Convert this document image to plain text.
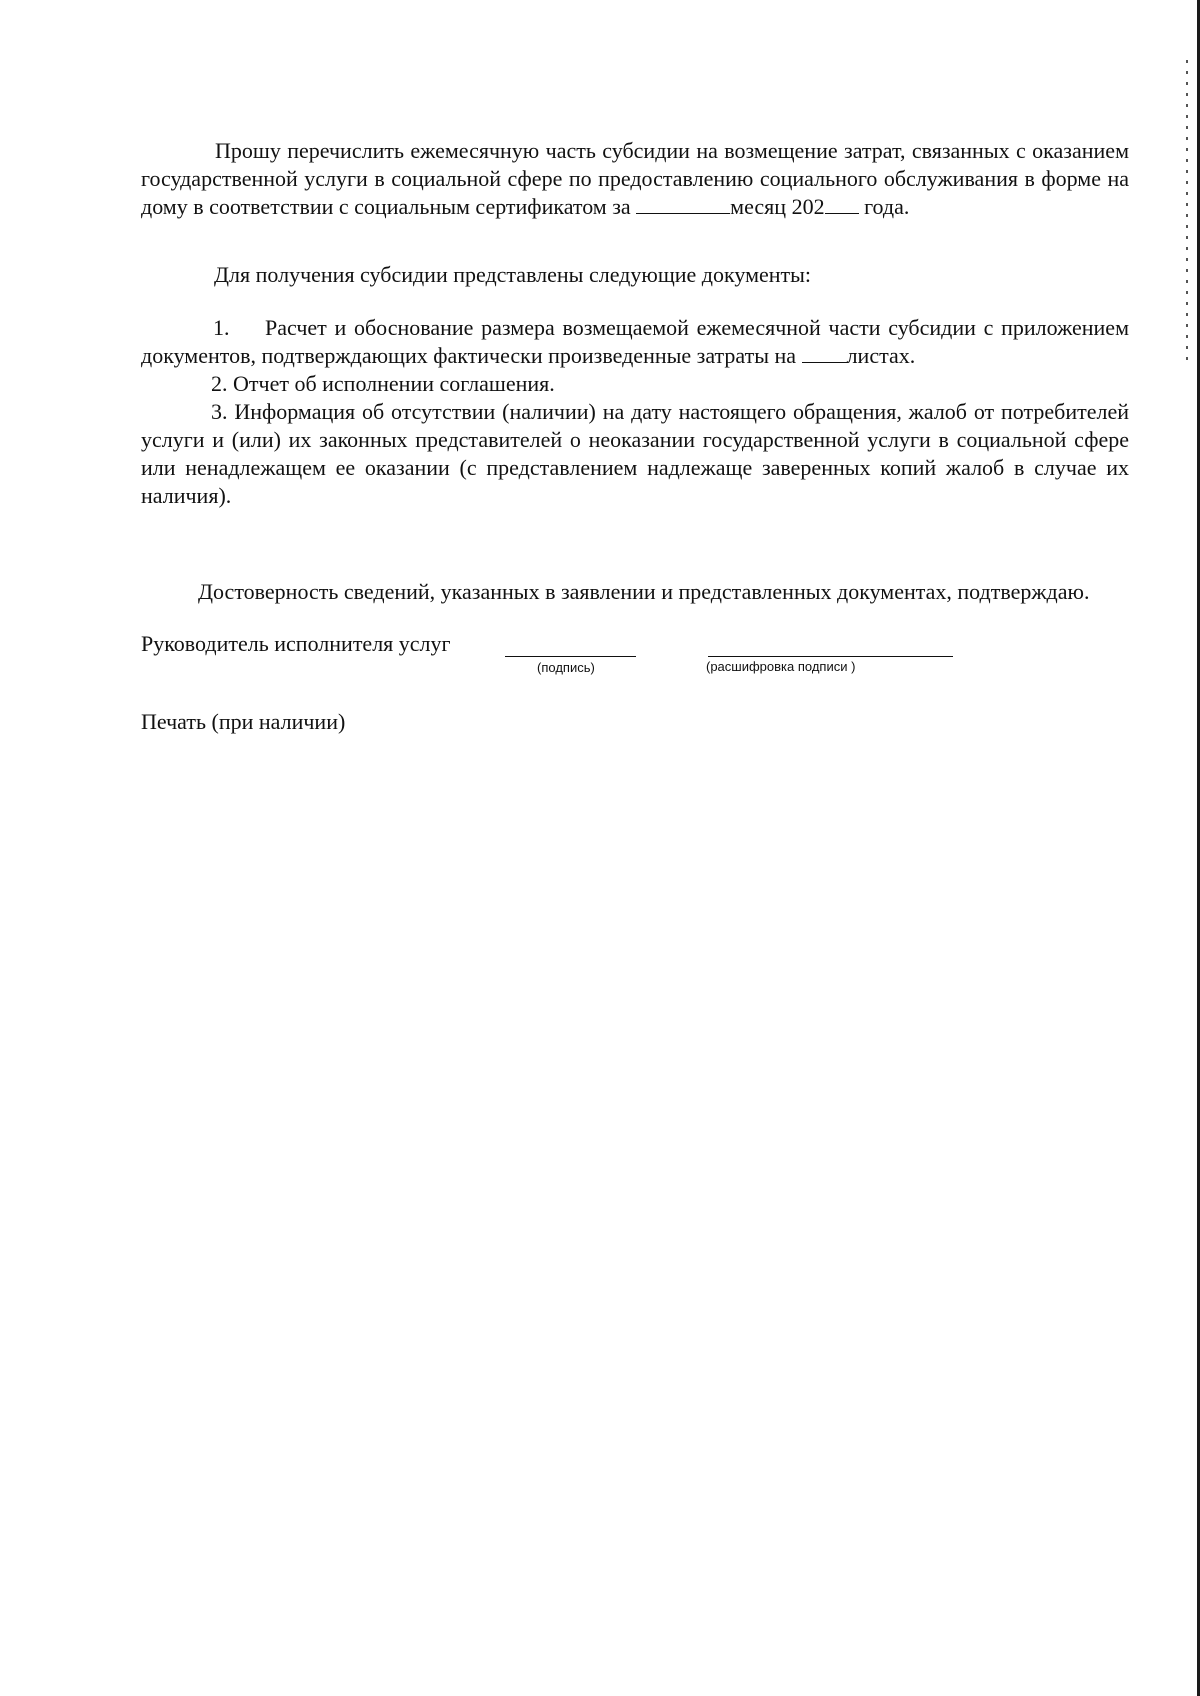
Прошу перечислить ежемесячную часть субсидии на возмещение затрат, связанных с оказанием государственной услуги в социальной сфере по предоставлению социального обслуживания в форме на дому в соответствии с социальным сертификатом за	месяц 202 года.

Для получения субсидии представлены следующие документы:

1. Расчет и обоснование размера возмещаемой ежемесячной части субсидии с приложением документов, подтверждающих фактически произведенные затраты на листах.

2. Отчет об исполнении соглашения.

3. Информация об отсутствии (наличии) на дату настоящего обращения, жалоб от потребителей услуги и (или) их законных представителей о неоказании государственной услуги в социальной сфере или ненадлежащем ее оказании (с представлением надлежаще заверенных копий жалоб в случае их наличия).

Достоверность сведений, указанных в заявлении и представленных документах, подтверждаю.

Руководитель исполнителя услуг
(подпись)	(расшифровка подписи )

Печать (при наличии)
